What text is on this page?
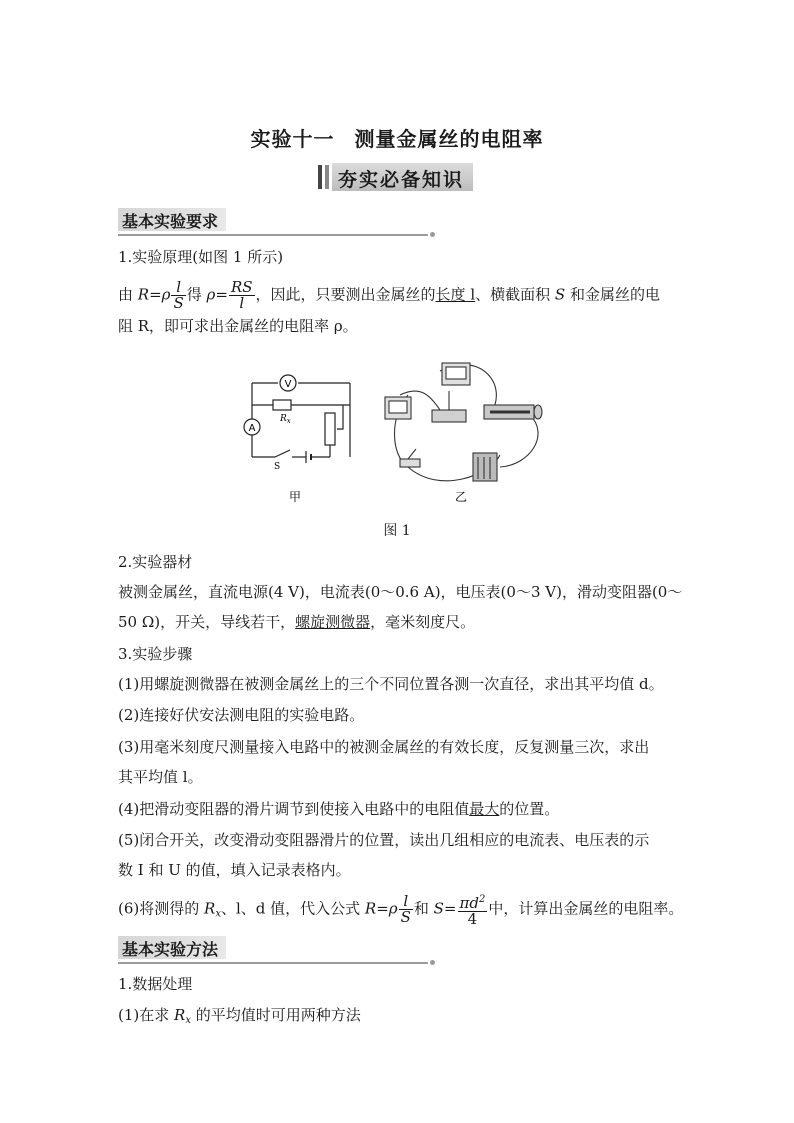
实验十一 测量金属丝的电阻率
夯实必备知识
基本实验要求
1.实验原理(如图 1 所示)
由 $R=\rho \frac{l}{S}$ 得 $\rho= \frac{RS}{l}$ ，因此，只要测出金属丝的长度 l、横截面积 S 和金属丝的电
阻 R，即可求出金属丝的电阻率 ρ。
V
A
$R_x$
S
甲	乙
图 1
2.实验器材
被测金属丝，直流电源(4 V)，电流表(0～0.6 A)，电压表(0～3 V)，滑动变阻器(0～
50 Ω)，开关，导线若干，螺旋测微器，毫米刻度尺。
3.实验步骤
(1)用螺旋测微器在被测金属丝上的三个不同位置各测一次直径，求出其平均值 d。
(2)连接好伏安法测电阻的实验电路。
(3)用毫米刻度尺测量接入电路中的被测金属丝的有效长度，反复测量三次，求出
其平均值 l。
(4)把滑动变阻器的滑片调节到使接入电路中的电阻值最大的位置。
(5)闭合开关，改变滑动变阻器滑片的位置，读出几组相应的电流表、电压表的示
数 I 和 U 的值，填入记录表格内。
(6)将测得的 $R_x$、l、d 值，代入公式 $R=\rho \frac{l}{S}$ 和 $S= \frac{\pi d^2}{4}$ 中，计算出金属丝的电阻率。
基本实验方法
1.数据处理
(1)在求 $R_x$ 的平均值时可用两种方法
